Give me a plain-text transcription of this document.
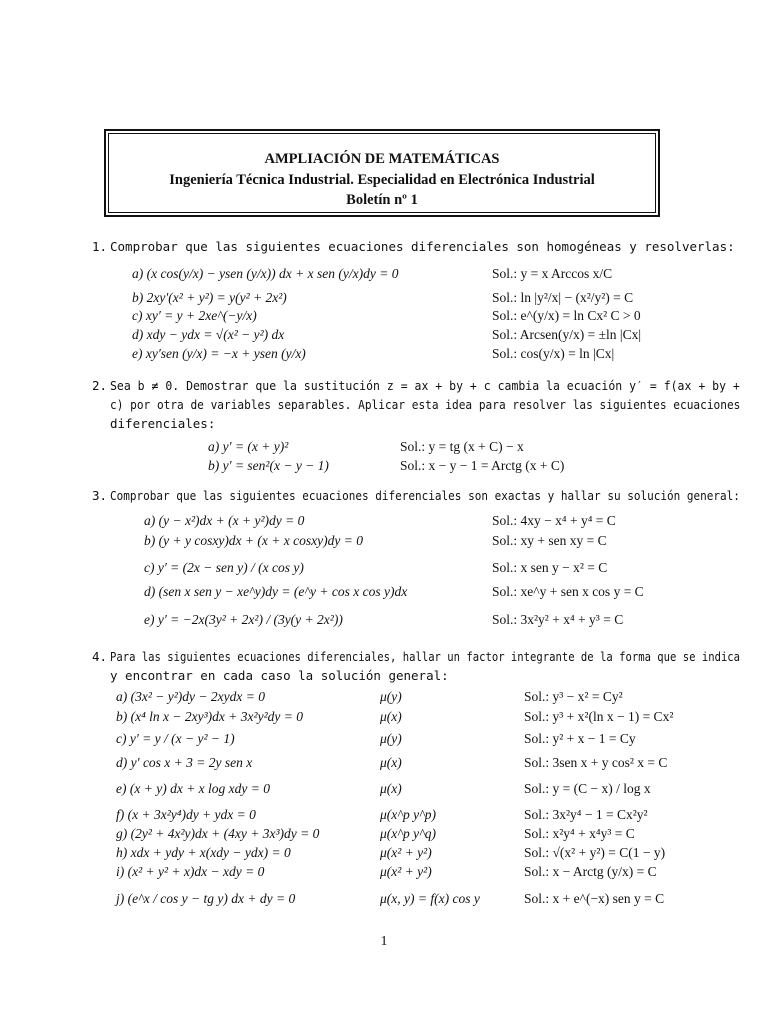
AMPLIACIÓN DE MATEMÁTICAS
Ingeniería Técnica Industrial. Especialidad en Electrónica Industrial
Boletín nº 1
1. Comprobar que las siguientes ecuaciones diferenciales son homogéneas y resolverlas:
a) (x cos(y/x) − ysen (y/x)) dx + x sen (y/x)dy = 0	Sol.: y = x Arccos x/C
b) 2xy′(x² + y²) = y(y² + 2x²)	Sol.: ln |y²/x| − (x²/y²) = C
c) xy′ = y + 2xe^(−y/x)	Sol.: e^(y/x) = ln Cx² C > 0
d) xdy − ydx = √(x² − y²) dx	Sol.: Arcsen(y/x) = ±ln |Cx|
e) xy′sen (y/x) = −x + ysen (y/x)	Sol.: cos(y/x) = ln |Cx|
2. Sea b ≠ 0. Demostrar que la sustitución z = ax + by + c cambia la ecuación y′ = f(ax + by +
c) por otra de variables separables. Aplicar esta idea para resolver las siguientes ecuaciones
diferenciales:
a) y′ = (x + y)²	Sol.: y = tg (x + C) − x
b) y′ = sen²(x − y − 1)	Sol.: x − y − 1 = Arctg (x + C)
3. Comprobar que las siguientes ecuaciones diferenciales son exactas y hallar su solución general:
a) (y − x²)dx + (x + y²)dy = 0	Sol.: 4xy − x⁴ + y⁴ = C
b) (y + y cosxy)dx + (x + x cosxy)dy = 0	Sol.: xy + sen xy = C
c) y′ = (2x − sen y) / (x cos y)	Sol.: x sen y − x² = C
d) (sen x sen y − xe^y)dy = (e^y + cos x cos y)dx	Sol.: xe^y + sen x cos y = C
e) y′ = −2x(3y² + 2x²) / (3y(y + 2x²))	Sol.: 3x²y² + x⁴ + y³ = C
4. Para las siguientes ecuaciones diferenciales, hallar un factor integrante de la forma que se indica
y encontrar en cada caso la solución general:
a) (3x² − y²)dy − 2xydx = 0	μ(y)	Sol.: y³ − x² = Cy²
b) (x⁴ ln x − 2xy³)dx + 3x²y²dy = 0	μ(x)	Sol.: y³ + x²(ln x − 1) = Cx²
c) y′ = y / (x − y² − 1)	μ(y)	Sol.: y² + x − 1 = Cy
d) y′ cos x + 3 = 2y sen x	μ(x)	Sol.: 3sen x + y cos² x = C
e) (x + y) dx + x log xdy = 0	μ(x)	Sol.: y = (C − x) / log x
f) (x + 3x²y⁴)dy + ydx = 0	μ(x^p y^p)	Sol.: 3x²y⁴ − 1 = Cx²y²
g) (2y² + 4x²y)dx + (4xy + 3x³)dy = 0	μ(x^p y^q)	Sol.: x²y⁴ + x⁴y³ = C
h) xdx + ydy + x(xdy − ydx) = 0	μ(x² + y²)	Sol.: √(x² + y²) = C(1 − y)
i) (x² + y² + x)dx − xdy = 0	μ(x² + y²)	Sol.: x − Arctg (y/x) = C
j) (e^x / cos y − tg y) dx + dy = 0	μ(x, y) = f(x) cos y	Sol.: x + e^(−x) sen y = C
1
